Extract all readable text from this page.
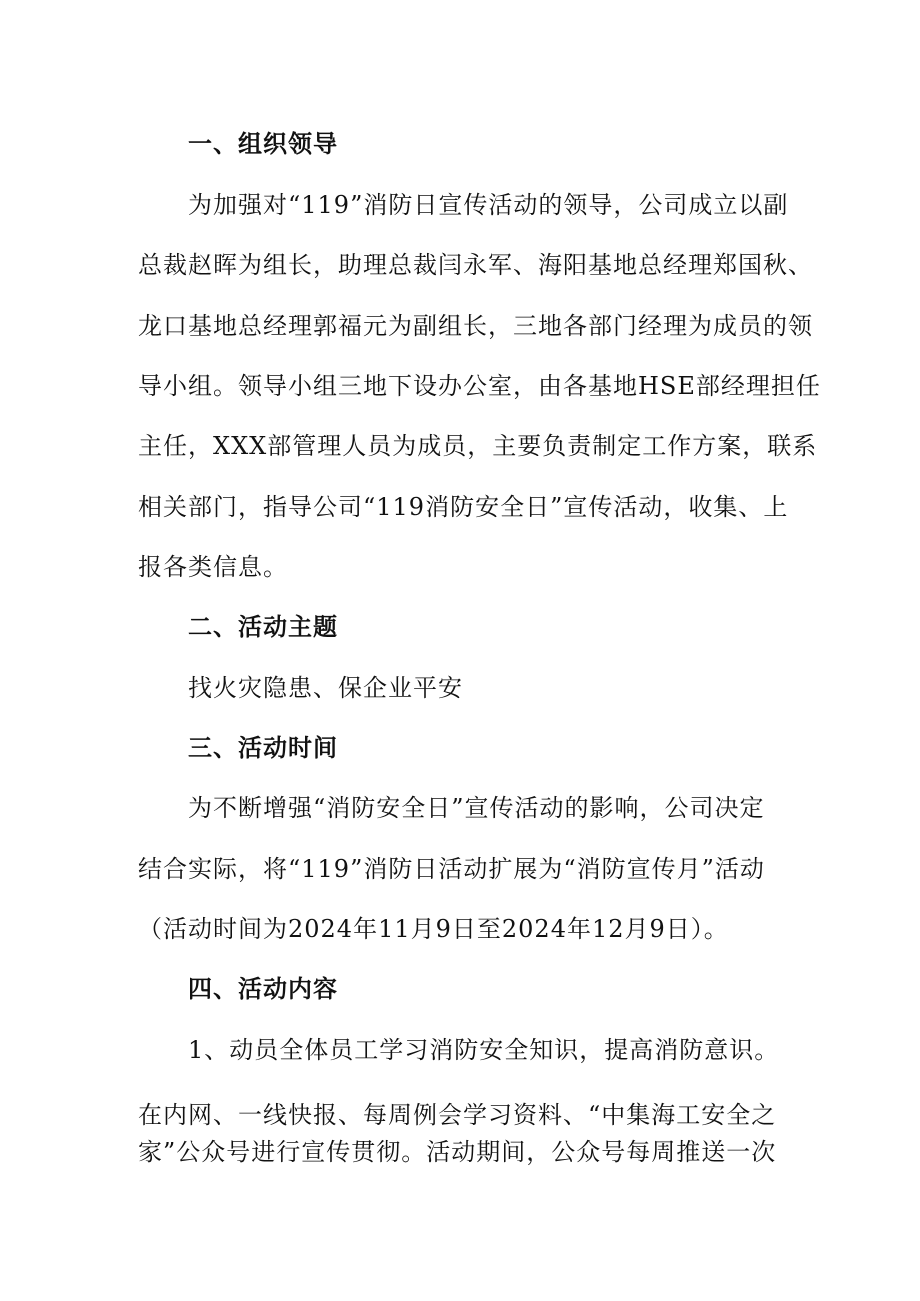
一、组织领导
为加强对“119”消防日宣传活动的领导，公司成立以副
总裁赵晖为组长，助理总裁闫永军、海阳基地总经理郑国秋、
龙口基地总经理郭福元为副组长，三地各部门经理为成员的领
导小组。领导小组三地下设办公室，由各基地HSE部经理担任
主任，XXX部管理人员为成员，主要负责制定工作方案，联系
相关部门，指导公司“119消防安全日”宣传活动，收集、上
报各类信息。
二、活动主题
找火灾隐患、保企业平安
三、活动时间
为不断增强“消防安全日”宣传活动的影响，公司决定
结合实际，将“119”消防日活动扩展为“消防宣传月”活动
（活动时间为2024年11月9日至2024年12月9日）。
四、活动内容
1、动员全体员工学习消防安全知识，提高消防意识。
在内网、一线快报、每周例会学习资料、“中集海工安全之
家”公众号进行宣传贯彻。活动期间，公众号每周推送一次
